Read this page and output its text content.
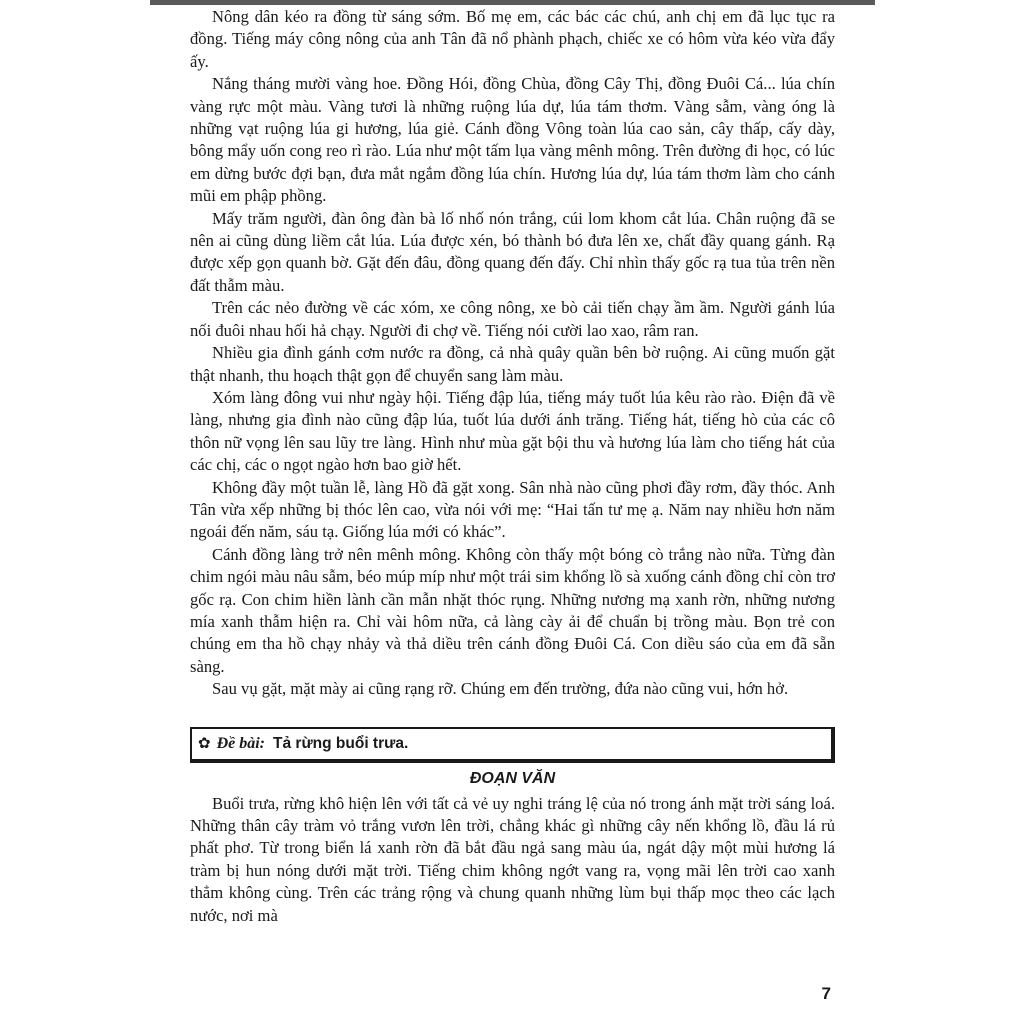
Nông dân kéo ra đồng từ sáng sớm. Bố mẹ em, các bác các chú, anh chị em đã lục tục ra đồng. Tiếng máy công nông của anh Tân đã nổ phành phạch, chiếc xe có hôm vừa kéo vừa đẩy ấy.

Nắng tháng mười vàng hoe. Đồng Hói, đồng Chùa, đồng Cây Thị, đồng Đuôi Cá... lúa chín vàng rực một màu. Vàng tươi là những ruộng lúa dự, lúa tám thơm. Vàng sẫm, vàng óng là những vạt ruộng lúa gi hương, lúa giẻ. Cánh đồng Vông toàn lúa cao sản, cây thấp, cấy dày, bông mẩy uốn cong reo rì rào. Lúa như một tấm lụa vàng mênh mông. Trên đường đi học, có lúc em dừng bước đợi bạn, đưa mắt ngắm đồng lúa chín. Hương lúa dự, lúa tám thơm làm cho cánh mũi em phập phồng.

Mấy trăm người, đàn ông đàn bà lố nhố nón trắng, cúi lom khom cắt lúa. Chân ruộng đã se nên ai cũng dùng liềm cắt lúa. Lúa được xén, bó thành bó đưa lên xe, chất đầy quang gánh. Rạ được xếp gọn quanh bờ. Gặt đến đâu, đồng quang đến đấy. Chỉ nhìn thấy gốc rạ tua tủa trên nền đất thẫm màu.

Trên các nẻo đường về các xóm, xe công nông, xe bò cải tiến chạy ầm ầm. Người gánh lúa nối đuôi nhau hối hả chạy. Người đi chợ về. Tiếng nói cười lao xao, râm ran.

Nhiều gia đình gánh cơm nước ra đồng, cả nhà quây quần bên bờ ruộng. Ai cũng muốn gặt thật nhanh, thu hoạch thật gọn để chuyển sang làm màu.

Xóm làng đông vui như ngày hội. Tiếng đập lúa, tiếng máy tuốt lúa kêu rào rào. Điện đã về làng, nhưng gia đình nào cũng đập lúa, tuốt lúa dưới ánh trăng. Tiếng hát, tiếng hò của các cô thôn nữ vọng lên sau lũy tre làng. Hình như mùa gặt bội thu và hương lúa làm cho tiếng hát của các chị, các o ngọt ngào hơn bao giờ hết.

Không đầy một tuần lễ, làng Hồ đã gặt xong. Sân nhà nào cũng phơi đầy rơm, đầy thóc. Anh Tân vừa xếp những bị thóc lên cao, vừa nói với mẹ: “Hai tấn tư mẹ ạ. Năm nay nhiều hơn năm ngoái đến năm, sáu tạ. Giống lúa mới có khác”.

Cánh đồng làng trở nên mênh mông. Không còn thấy một bóng cò trắng nào nữa. Từng đàn chim ngói màu nâu sẫm, béo múp míp như một trái sim khổng lồ sà xuống cánh đồng chỉ còn trơ gốc rạ. Con chim hiền lành cần mẫn nhặt thóc rụng. Những nương mạ xanh rờn, những nương mía xanh thẫm hiện ra. Chỉ vài hôm nữa, cả làng cày ải để chuẩn bị trồng màu. Bọn trẻ con chúng em tha hồ chạy nhảy và thả diều trên cánh đồng Đuôi Cá. Con diều sáo của em đã sẵn sàng.

Sau vụ gặt, mặt mày ai cũng rạng rỡ. Chúng em đến trường, đứa nào cũng vui, hớn hở.

✿ Đề bài: Tả rừng buổi trưa.
ĐOẠN VĂN

Buổi trưa, rừng khô hiện lên với tất cả vẻ uy nghi tráng lệ của nó trong ánh mặt trời sáng loá. Những thân cây tràm vỏ trắng vươn lên trời, chẳng khác gì những cây nến khổng lồ, đầu lá rủ phất phơ. Từ trong biển lá xanh rờn đã bắt đầu ngả sang màu úa, ngát dậy một mùi hương lá tràm bị hun nóng dưới mặt trời. Tiếng chim không ngớt vang ra, vọng mãi lên trời cao xanh thẳm không cùng. Trên các trảng rộng và chung quanh những lùm bụi thấp mọc theo các lạch nước, nơi mà

7
